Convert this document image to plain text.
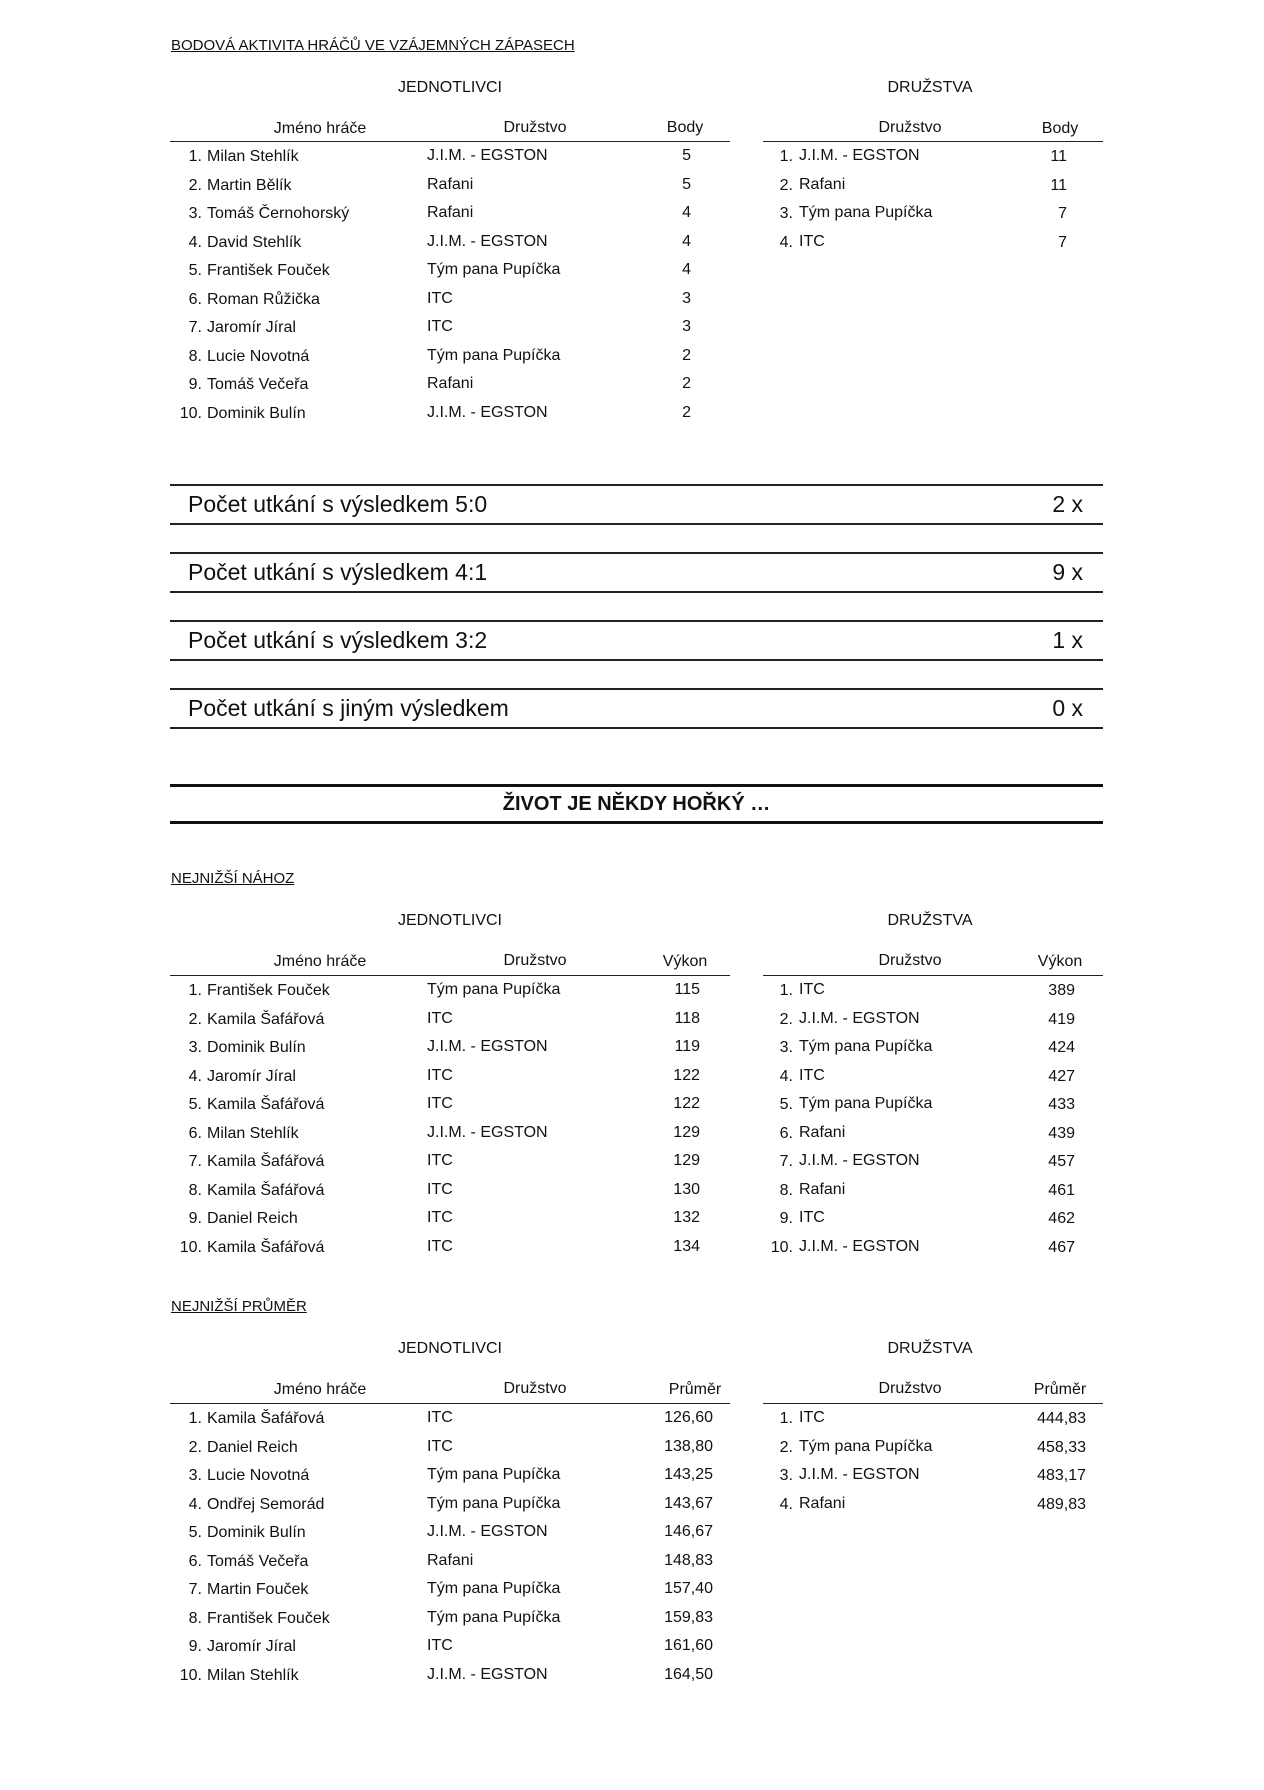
BODOVÁ AKTIVITA HRÁČŮ VE VZÁJEMNÝCH ZÁPASECH
JEDNOTLIVCI	DRUŽSTVA
Jméno hráče	Družstvo	Body	Družstvo	Body
1. Milan Stehlík	J.I.M. - EGSTON	5
2. Martin Bělík	Rafani	5
3. Tomáš Černohorský	Rafani	4
4. David Stehlík	J.I.M. - EGSTON	4
5. František Fouček	Tým pana Pupíčka	4
6. Roman Růžička	ITC	3
7. Jaromír Jíral	ITC	3
8. Lucie Novotná	Tým pana Pupíčka	2
9. Tomáš Večeřa	Rafani	2
10. Dominik Bulín	J.I.M. - EGSTON	2
1. J.I.M. - EGSTON	11
2. Rafani	11
3. Tým pana Pupíčka	7
4. ITC	7
Počet utkání s výsledkem 5:0	2 x
Počet utkání s výsledkem 4:1	9 x
Počet utkání s výsledkem 3:2	1 x
Počet utkání s jiným výsledkem	0 x
ŽIVOT JE NĚKDY HOŘKÝ …
NEJNIŽŠÍ NÁHOZ
JEDNOTLIVCI	DRUŽSTVA
Jméno hráče	Družstvo	Výkon	Družstvo	Výkon
1. František Fouček	Tým pana Pupíčka	115
2. Kamila Šafářová	ITC	118
3. Dominik Bulín	J.I.M. - EGSTON	119
4. Jaromír Jíral	ITC	122
5. Kamila Šafářová	ITC	122
6. Milan Stehlík	J.I.M. - EGSTON	129
7. Kamila Šafářová	ITC	129
8. Kamila Šafářová	ITC	130
9. Daniel Reich	ITC	132
10. Kamila Šafářová	ITC	134
1. ITC	389
2. J.I.M. - EGSTON	419
3. Tým pana Pupíčka	424
4. ITC	427
5. Tým pana Pupíčka	433
6. Rafani	439
7. J.I.M. - EGSTON	457
8. Rafani	461
9. ITC	462
10. J.I.M. - EGSTON	467
NEJNIŽŠÍ PRŮMĚR
JEDNOTLIVCI	DRUŽSTVA
Jméno hráče	Družstvo	Průměr	Družstvo	Průměr
1. Kamila Šafářová	ITC	126,60
2. Daniel Reich	ITC	138,80
3. Lucie Novotná	Tým pana Pupíčka	143,25
4. Ondřej Semorád	Tým pana Pupíčka	143,67
5. Dominik Bulín	J.I.M. - EGSTON	146,67
6. Tomáš Večeřa	Rafani	148,83
7. Martin Fouček	Tým pana Pupíčka	157,40
8. František Fouček	Tým pana Pupíčka	159,83
9. Jaromír Jíral	ITC	161,60
10. Milan Stehlík	J.I.M. - EGSTON	164,50
1. ITC	444,83
2. Tým pana Pupíčka	458,33
3. J.I.M. - EGSTON	483,17
4. Rafani	489,83
